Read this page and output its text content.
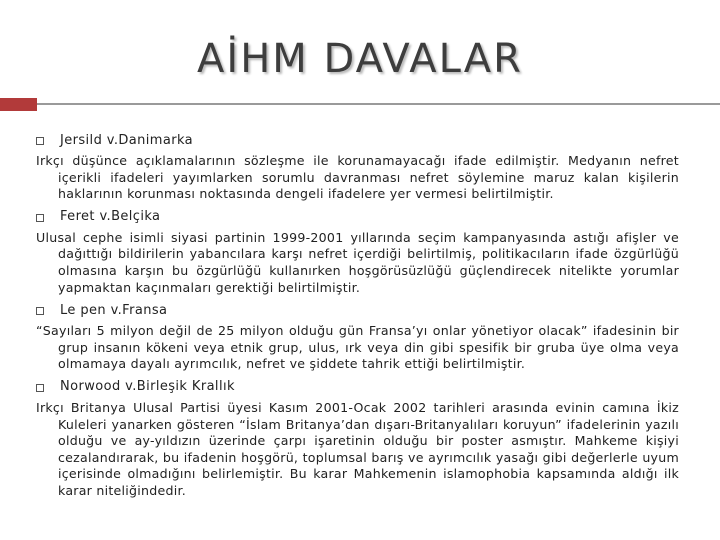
AİHM DAVALAR
Jersild v.Danimarka

Irkçı düşünce açıklamalarının sözleşme ile korunamayacağı ifade edilmiştir. Medyanın nefret içerikli ifadeleri yayımlarken sorumlu davranması nefret söylemine maruz kalan kişilerin haklarının korunması noktasında dengeli ifadelere yer vermesi belirtilmiştir.

Feret v.Belçika

Ulusal cephe isimli siyasi partinin 1999-2001 yıllarında seçim kampanyasında astığı afişler ve dağıttığı bildirilerin yabancılara karşı nefret içerdiği belirtilmiş, politikacıların ifade özgürlüğü olmasına karşın bu özgürlüğü kullanırken hoşgörüsüzlüğü güçlendirecek nitelikte yorumlar yapmaktan kaçınmaları gerektiği belirtilmiştir.

Le pen v.Fransa

“Sayıları 5 milyon değil de 25 milyon olduğu gün Fransa’yı onlar yönetiyor olacak” ifadesinin bir grup insanın kökeni veya etnik grup, ulus, ırk veya din gibi spesifik bir gruba üye olma veya olmamaya dayalı ayrımcılık, nefret ve şiddete tahrik ettiği belirtilmiştir.

Norwood v.Birleşik Krallık

Irkçı Britanya Ulusal Partisi üyesi Kasım 2001-Ocak 2002 tarihleri arasında evinin camına İkiz Kuleleri yanarken gösteren “İslam Britanya’dan dışarı-Britanyalıları koruyun” ifadelerinin yazılı olduğu ve ay-yıldızın üzerinde çarpı işaretinin olduğu bir poster asmıştır. Mahkeme kişiyi cezalandırarak, bu ifadenin hoşgörü, toplumsal barış ve ayrımcılık yasağı gibi değerlerle uyum içerisinde olmadığını belirlemiştir. Bu karar Mahkemenin islamophobia kapsamında aldığı ilk karar niteliğindedir.
